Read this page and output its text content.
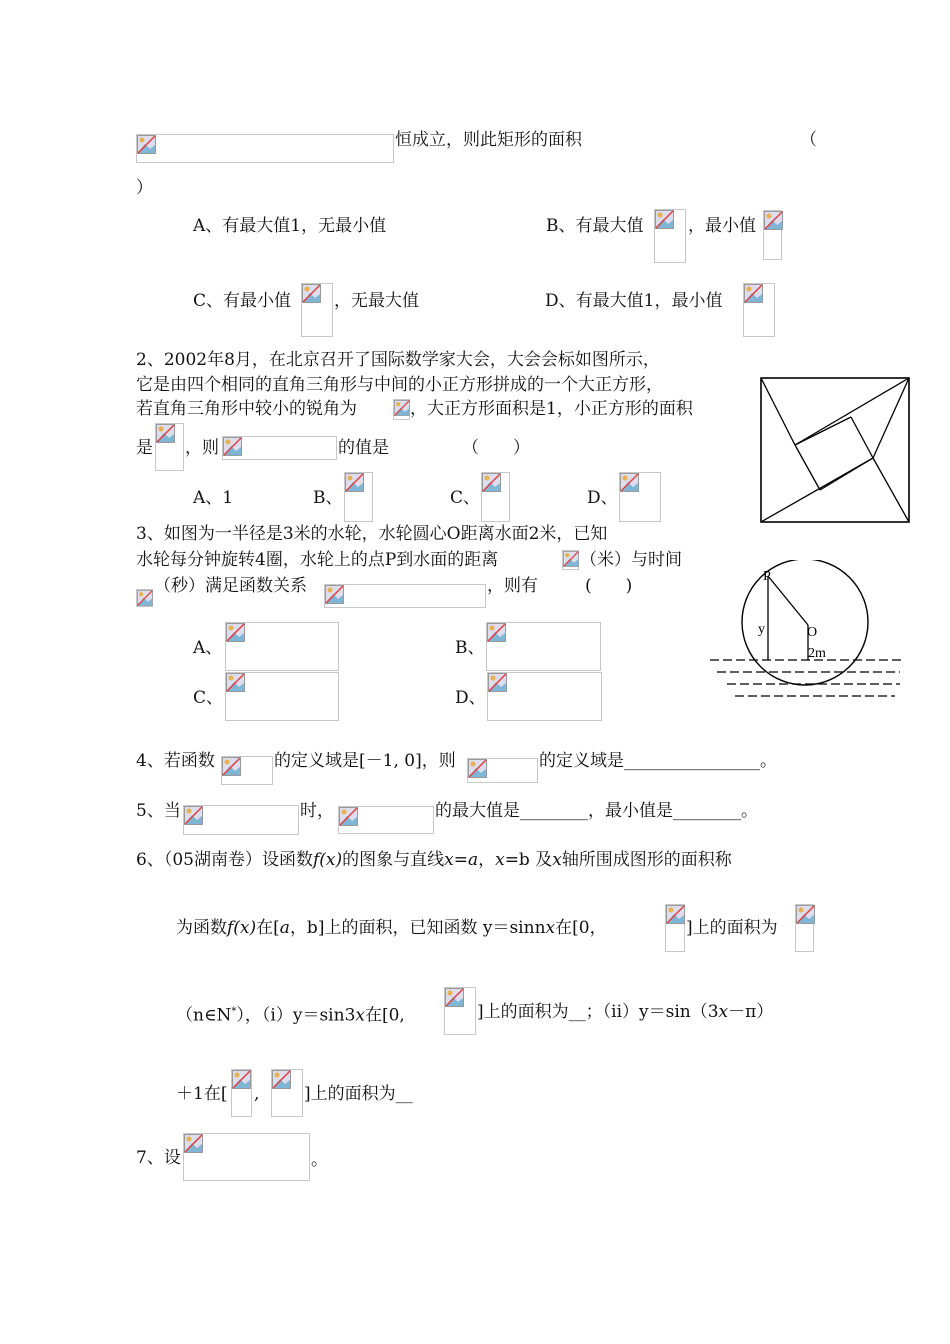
恒成立，则此矩形的面积	（
）
A、有最大值1，无最小值	B、有最大值	，最小值
C、有最小值	，无最大值	D、有最大值1，最小值
2、2002年8月，在北京召开了国际数学家大会，大会会标如图所示，
它是由四个相同的直角三角形与中间的小正方形拼成的一个大正方形，
若直角三角形中较小的锐角为	，大正方形面积是1，小正方形的面积
是 ，则	的值是	（　　）
A、1	B、	C、	D、
3、如图为一半径是3米的水轮，水轮圆心O距离水面2米，已知
水轮每分钟旋转4圈，水轮上的点P到水面的距离	（米）与时间
（秒）满足函数关系	，则有	(　　)
A、	B、
C、	D、
P
y	O
2m
4、若函数	的定义域是[－1, 0]，则	的定义域是________________。
5、当	时，	的最大值是________，最小值是________。
6、（05湖南卷）设函数f(x)的图象与直线x=a，x=b 及x轴所围成图形的面积称
为函数f(x)在[a，b]上的面积，已知函数 y＝sinnx在[0，	]上的面积为
（n∈N*），（i）y＝sin3x在[0,	]上的面积为__；（ii）y＝sin（3x－π）
＋1在[ ,	]上的面积为__
7、设	。
